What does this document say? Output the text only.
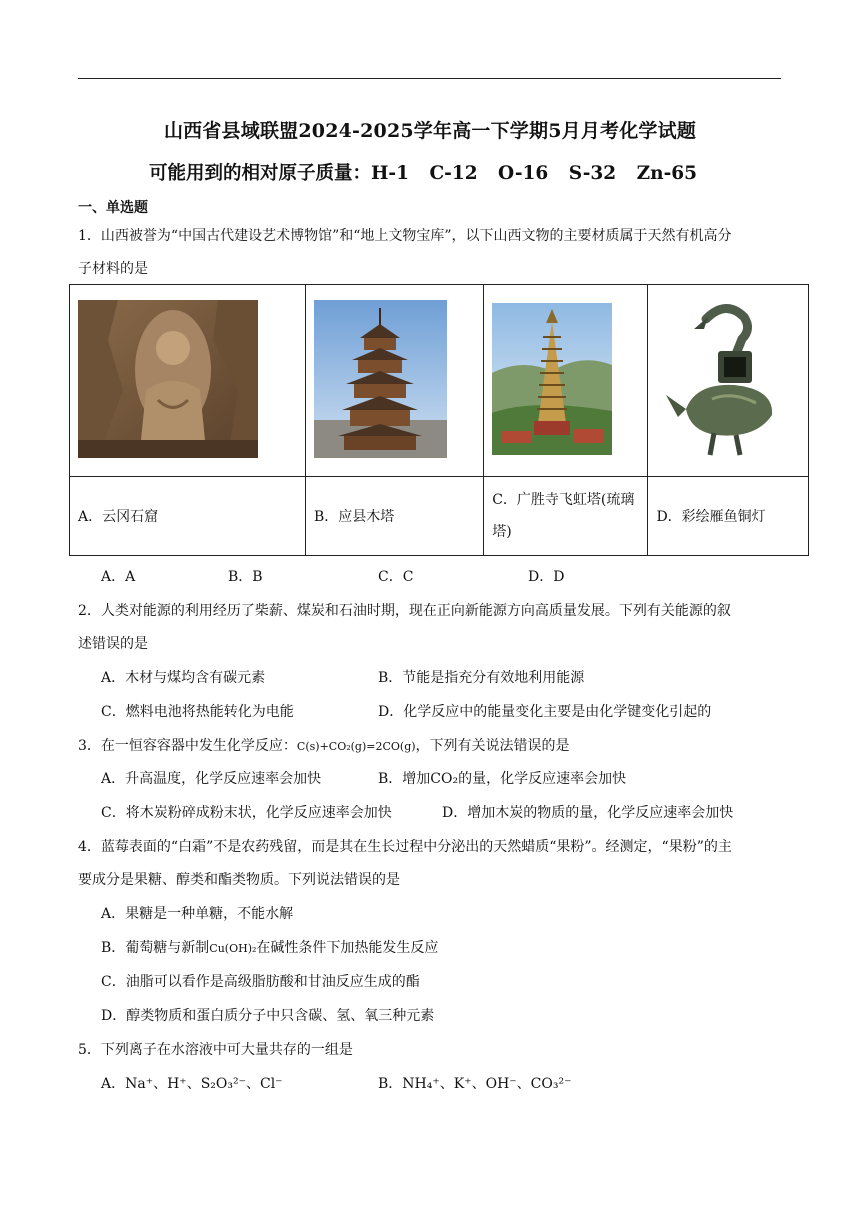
山西省县域联盟2024-2025学年高一下学期5月月考化学试题
可能用到的相对原子质量：H-1 C-12 O-16 S-32 Zn-65
一、单选题
1．山西被誉为“中国古代建设艺术博物馆”和“地上文物宝库”，以下山西文物的主要材质属于天然有机高分
子材料的是

A．云冈石窟	B．应县木塔	C．广胜寺飞虹塔(琉璃
塔)	D．彩绘雁鱼铜灯
A．A	B．B	C．C	D．D
2．人类对能源的利用经历了柴薪、煤炭和石油时期，现在正向新能源方向高质量发展。下列有关能源的叙
述错误的是
A．木材与煤均含有碳元素	B．节能是指充分有效地利用能源
C．燃料电池将热能转化为电能	D．化学反应中的能量变化主要是由化学键变化引起的
3．在一恒容容器中发生化学反应：C(s)+CO₂(g)=2CO(g)，下列有关说法错误的是
A．升高温度，化学反应速率会加快	B．增加CO₂的量，化学反应速率会加快
C．将木炭粉碎成粉末状，化学反应速率会加快	D．增加木炭的物质的量，化学反应速率会加快
4．蓝莓表面的“白霜”不是农药残留，而是其在生长过程中分泌出的天然蜡质“果粉”。经测定，“果粉”的主
要成分是果糖、醇类和酯类物质。下列说法错误的是
A．果糖是一种单糖，不能水解
B．葡萄糖与新制Cu(OH)₂在碱性条件下加热能发生反应
C．油脂可以看作是高级脂肪酸和甘油反应生成的酯
D．醇类物质和蛋白质分子中只含碳、氢、氧三种元素
5．下列离子在水溶液中可大量共存的一组是
A．Na⁺、H⁺、S₂O₃²⁻、Cl⁻	B．NH₄⁺、K⁺、OH⁻、CO₃²⁻
